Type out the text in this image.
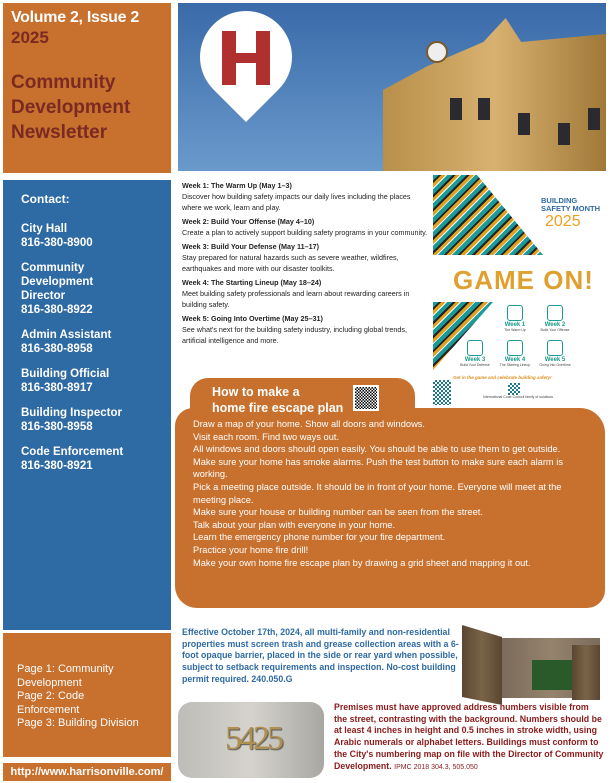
Volume 2, Issue 2
2025
Community
Development
Newsletter
Contact:
City Hall
816-380-8900
Community Development Director
816-380-8922
Admin Assistant
816-380-8958
Building Official
816-380-8917
Building Inspector
816-380-8958
Code Enforcement
816-380-8921
Page 1: Community Development
Page 2: Code Enforcement
Page 3: Building Division
http://www.harrisonville.com/
Week 1: The Warm Up (May 1–3)
Discover how building safety impacts our daily lives including the places where we work, learn and play.
Week 2: Build Your Offense (May 4–10)
Create a plan to actively support building safety programs in your community.
Week 3: Build Your Defense (May 11–17)
Stay prepared for natural hazards such as severe weather, wildfires, earthquakes and more with our disaster toolkits.
Week 4: The Starting Lineup (May 18–24)
Meet building safety professionals and learn about rewarding careers in building safety.
Week 5: Going Into Overtime (May 25–31)
See what's next for the building safety industry, including global trends, artificial intelligence and more.
BUILDING
SAFETY MONTH
2025
GAME ON!
Week 1
The Warm Up
Week 2
Build Your Offense
Week 3
Build Your Defense
Week 4
The Starting Lineup
Week 5
Going Into Overtime
Get in the game and celebrate building safety!
International Code Council family of solutions
How to make a
home fire escape plan
Draw a map of your home. Show all doors and windows.
Visit each room. Find two ways out.
All windows and doors should open easily. You should be able to use them to get outside.
Make sure your home has smoke alarms. Push the test button to make sure each alarm is working.
Pick a meeting place outside. It should be in front of your home. Everyone will meet at the meeting place.
Make sure your house or building number can be seen from the street.
Talk about your plan with everyone in your home.
Learn the emergency phone number for your fire department.
Practice your home fire drill!
Make your own home fire escape plan by drawing a grid sheet and mapping it out.
Effective October 17th, 2024, all multi-family and non-residential properties must screen trash and grease collection areas with a 6-foot opaque barrier, placed in the side or rear yard when possible, subject to setback requirements and inspection. No-cost building permit required. 240.050.G
5425
Premises must have approved address numbers visible from the street, contrasting with the background. Numbers should be at least 4 inches in height and 0.5 inches in stroke width, using Arabic numerals or alphabet letters. Buildings must conform to the City's numbering map on file with the Director of Community Development. IPMC 2018 304.3, 505.050
